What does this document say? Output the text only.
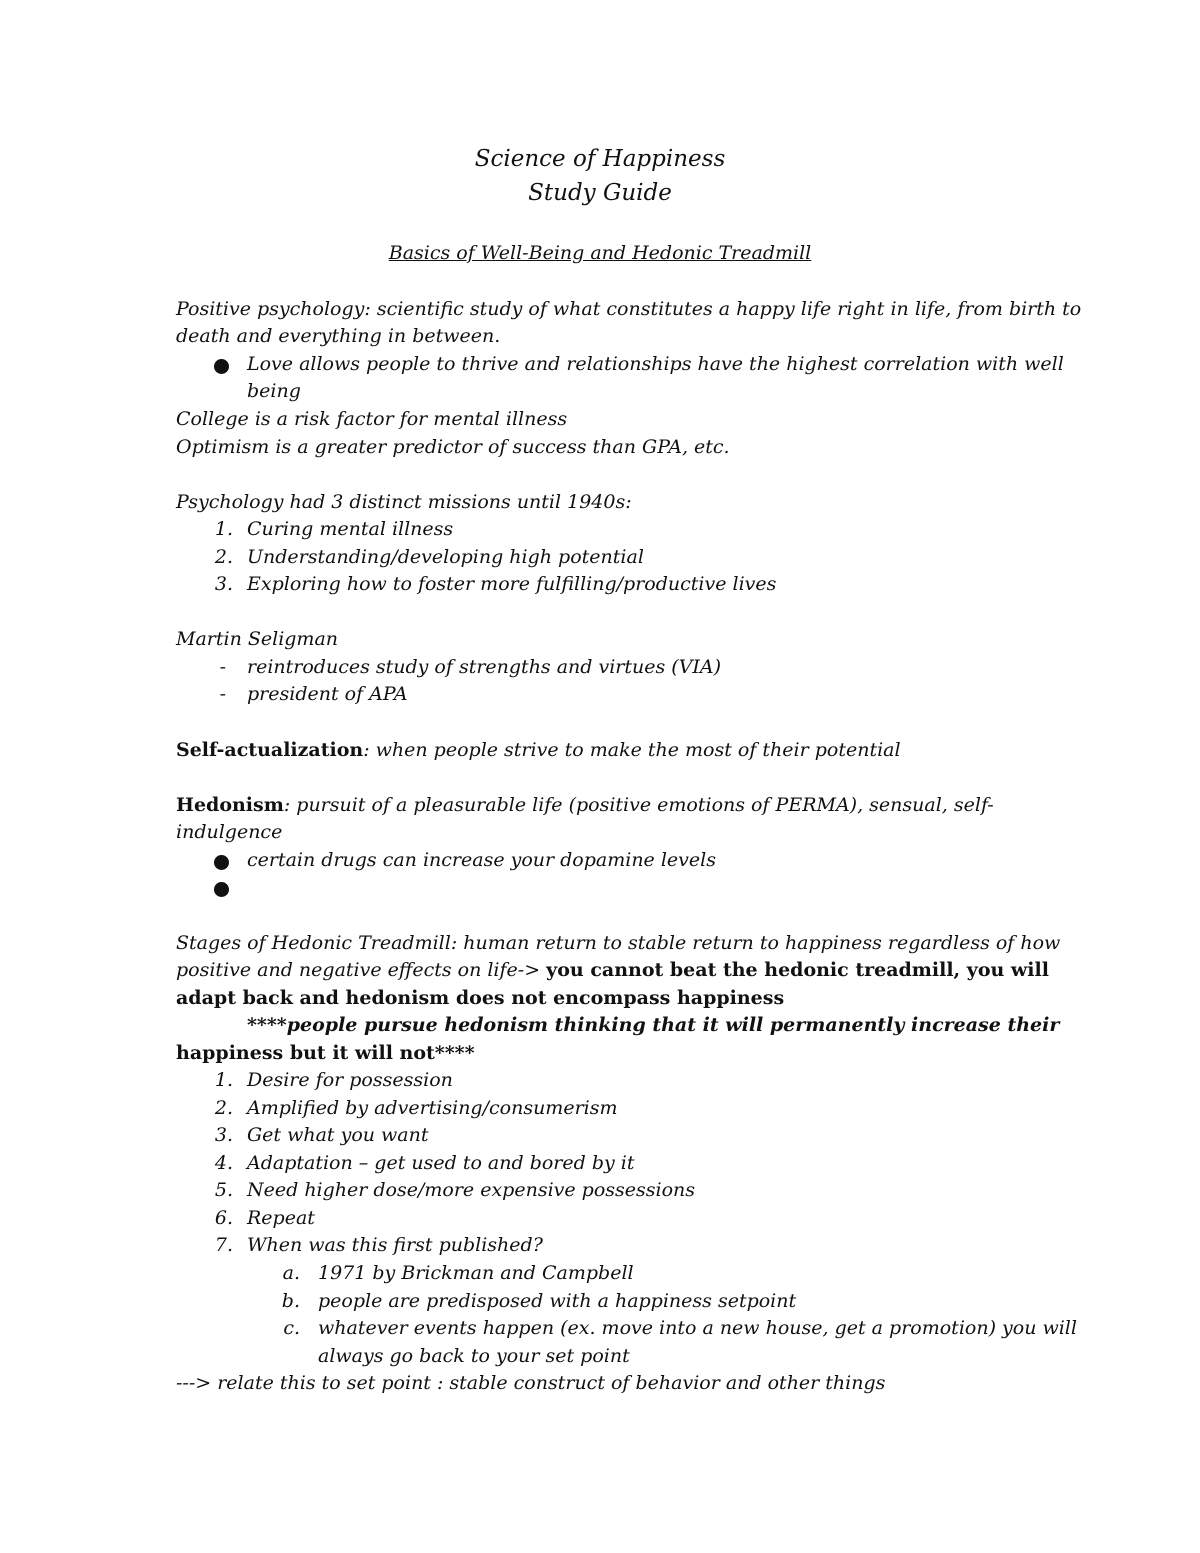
Science of Happiness
Study Guide
Basics of Well-Being and Hedonic Treadmill
Positive psychology: scientific study of what constitutes a happy life right in life, from birth to
death and everything in between.
Love allows people to thrive and relationships have the highest correlation with well
being
College is a risk factor for mental illness
Optimism is a greater predictor of success than GPA, etc.
Psychology had 3 distinct missions until 1940s:
1. Curing mental illness
2. Understanding/developing high potential
3. Exploring how to foster more fulfilling/productive lives
Martin Seligman
- reintroduces study of strengths and virtues (VIA)
- president of APA
Self-actualization: when people strive to make the most of their potential
Hedonism: pursuit of a pleasurable life (positive emotions of PERMA), sensual, self-
indulgence
certain drugs can increase your dopamine levels
Stages of Hedonic Treadmill: human return to stable return to happiness regardless of how
positive and negative effects on life-> you cannot beat the hedonic treadmill, you will
adapt back and hedonism does not encompass happiness
****people pursue hedonism thinking that it will permanently increase their
happiness but it will not****
1. Desire for possession
2. Amplified by advertising/consumerism
3. Get what you want
4. Adaptation – get used to and bored by it
5. Need higher dose/more expensive possessions
6. Repeat
7. When was this first published?
a. 1971 by Brickman and Campbell
b. people are predisposed with a happiness setpoint
c. whatever events happen (ex. move into a new house, get a promotion) you will
always go back to your set point
---> relate this to set point : stable construct of behavior and other things
